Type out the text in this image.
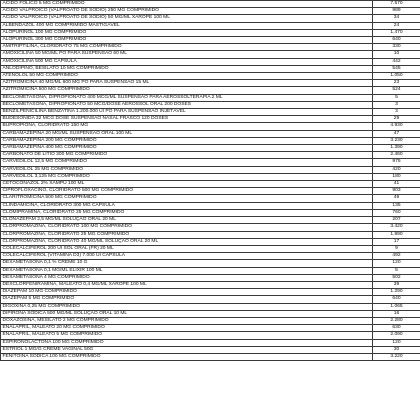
ÁCIDO FÓLICO 5 MG COMPRIMIDO	7.570
ÁCIDO VALPRÓICO (VALPROATO DE SÓDIO) 250 MG COMPRIMIDO	989
ÁCIDO VALPRÓICO (VALPROATO DE SÓDIO) 50 MG/ML XAROPE 100 ML	34
ALBENDAZOL 400 MG COMPRIMIDO MASTIGÁVEL	24
ALOPURINOL 100 MG COMPRIMIDO	1.470
ALOPURINOL 300 MG COMPRIMIDO	640
AMITRIPTILINA, CLORIDRATO 75 MG COMPRIMIDO	330
AMOXICILINA 50 MG/ML PÓ PARA SUSPENSÃO 60 ML	10
AMOXICILINA 500 MG CÁPSULA	442
ANLODIPINO, BESILATO 10 MG COMPRIMIDO	545
ATENOLOL 50 MG COMPRIMIDO	1.050
AZITROMICINA 40 MG/ML 600 MG PÓ PARA SUSPENSÃO 15 ML	23
AZITROMICINA 500 MG COMPRIMIDO	524
BECLOMETASONA, DIPROPIONATO 400 MCG/ML SUSPENSÃO PARA AEROSSOLTERAPIA 2 ML	5
BECLOMETASONA, DIPROPIONATO 50 MCG/DOSE AEROSSOL ORAL 200 DOSES	3
BENZILPENICILINA BENZATINA 1.200.000 UI PÓ PARA SUSPENSÃO INJETÁVEL	3
BUDESONIDA 32 MCG DOSE SUSPENSÃO NASAL FRASCO 120 DOSES	29
BUPROPIONA, CLORIDRATO 150 MG	4.930
CARBAMAZEPINA 20 MG/ML SUSPENSÃO ORAL 100 ML	47
CARBAMAZEPINA 200 MG COMPRIMIDO	3.230
CARBAMAZEPINA 400 MG COMPRIMIDO	1.390
CARBONATO DE LÍTIO 300 MG COMPRIMIDO	2.460
CARVEDILOL 12,5 MG COMPRIMIDO	975
CARVEDILOL 25 MG COMPRIMIDO	420
CARVEDILOL 3,125 MG COMPRIMIDO	180
CETOCONAZOL 2% XAMPU 100 ML	41
CIPROFLOXACINO, CLORIDRATO 500 MG COMPRIMIDO	903
CLARITROMICINA 500 MG COMPRIMIDO	49
CLINDAMICINA, CLORIDRATO 300 MG CÁPSULA	135
CLOMIPRAMINA, CLORIDRATO 25 MG COMPRIMIDO	760
CLONAZEPAM 2,5 MG/ML SOLUÇÃO ORAL 20 ML	207
CLORPROMAZINA, CLORIDRATO 100 MG COMPRIMIDO	3.420
CLORPROMAZINA, CLORIDRATO 25 MG COMPRIMIDO	1.890
CLORPROMAZINA, CLORIDRATO 40 MG/ML SOLUÇÃO ORAL 20 ML	17
COLECALCIFEROL 200 UI SOL ORAL (FR) 20 ML	9
COLECALCIFEROL (VITAMINA D3) 7.000 UI CÁPSULA	492
DEXAMETASONA 0,1 % CREME 10 G	120
DEXAMETASONA 0,1 MG/ML ELIXIR 100 ML	5
DEXAMETASONA 4 MG COMPRIMIDO	502
DEXCLORFENIRAMINA, MALEATO 0,4 MG/ML XAROPE 100 ML	39
DIAZEPAM 10 MG COMPRIMIDO	1.290
DIAZEPAM 5 MG COMPRIMIDO	640
DIGOXINA 0,25 MG COMPRIMIDO	1.065
DIPIRONA SÓDICA 500 MG/ML SOLUÇÃO ORAL 10 ML	16
DOXAZOSINA, MESILATO 2 MG COMPRIMIDO	2.280
ENALAPRIL, MALEATO 20 MG COMPRIMIDO	630
ENALAPRIL, MALEATO 5 MG COMPRIMIDO	2.090
ESPIRONOLACTONA 100 MG COMPRIMIDO	120
ESTRIOL 1 MG/G CREME VAGINAL 50G	30
FENITOÍNA SÓDICA 100 MG COMPRIMIDO	3.220
